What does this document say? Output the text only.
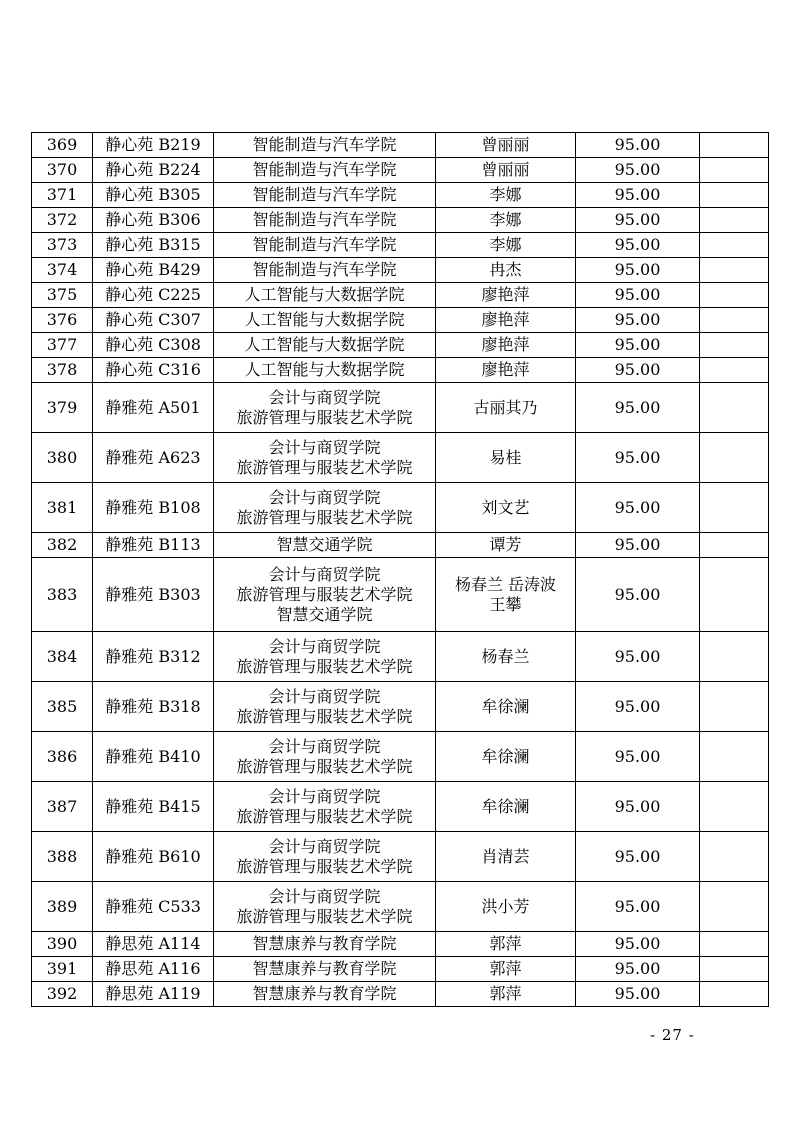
369	静心苑 B219	智能制造与汽车学院	曾丽丽	95.00	
370	静心苑 B224	智能制造与汽车学院	曾丽丽	95.00	
371	静心苑 B305	智能制造与汽车学院	李娜	95.00	
372	静心苑 B306	智能制造与汽车学院	李娜	95.00	
373	静心苑 B315	智能制造与汽车学院	李娜	95.00	
374	静心苑 B429	智能制造与汽车学院	冉杰	95.00	
375	静心苑 C225	人工智能与大数据学院	廖艳萍	95.00	
376	静心苑 C307	人工智能与大数据学院	廖艳萍	95.00	
377	静心苑 C308	人工智能与大数据学院	廖艳萍	95.00	
378	静心苑 C316	人工智能与大数据学院	廖艳萍	95.00	
379	静雅苑 A501	会计与商贸学院
旅游管理与服装艺术学院	古丽其乃	95.00	
380	静雅苑 A623	会计与商贸学院
旅游管理与服装艺术学院	易桂	95.00	
381	静雅苑 B108	会计与商贸学院
旅游管理与服装艺术学院	刘文艺	95.00	
382	静雅苑 B113	智慧交通学院	谭芳	95.00	
383	静雅苑 B303	会计与商贸学院
旅游管理与服装艺术学院
智慧交通学院	杨春兰 岳涛波
王攀	95.00	
384	静雅苑 B312	会计与商贸学院
旅游管理与服装艺术学院	杨春兰	95.00	
385	静雅苑 B318	会计与商贸学院
旅游管理与服装艺术学院	牟徐澜	95.00	
386	静雅苑 B410	会计与商贸学院
旅游管理与服装艺术学院	牟徐澜	95.00	
387	静雅苑 B415	会计与商贸学院
旅游管理与服装艺术学院	牟徐澜	95.00	
388	静雅苑 B610	会计与商贸学院
旅游管理与服装艺术学院	肖清芸	95.00	
389	静雅苑 C533	会计与商贸学院
旅游管理与服装艺术学院	洪小芳	95.00	
390	静思苑 A114	智慧康养与教育学院	郭萍	95.00	
391	静思苑 A116	智慧康养与教育学院	郭萍	95.00	
392	静思苑 A119	智慧康养与教育学院	郭萍	95.00	
- 27 -
